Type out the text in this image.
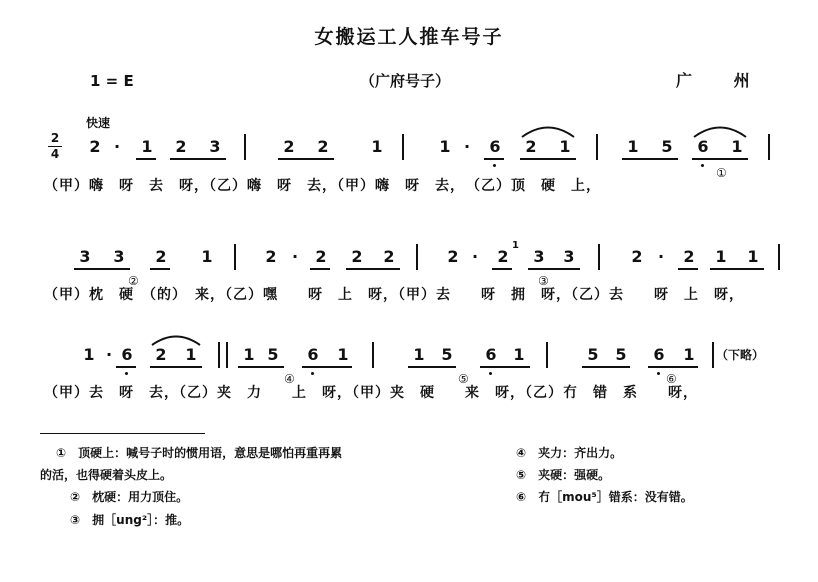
女搬运工人推车号子
1 = E	（广府号子）	广 州
快速
2
4 2 ·	1 2 3	2 2	1	1 ·	6 2 1	1 5 6 1
（甲）嗨　呀　去　呀，（乙）嗨　呀　去，（甲）嗨　呀　去，　（乙）顶　硬　上，
①
3 3 2 1	2 ·	2 2 2	2 ·	2
1
3 3	2 ·	2 1 1
（甲）枕　硬　（的）　来，（乙）嘿　　呀　上　呀，（甲）去　　呀　拥　呀，（乙）去　　呀　上　呀，
②	③
1 · 6 2 1	1 5 6 1	1 5 6 1	5 5 6 1 （下略）
（甲）去　呀　去，（乙）夹　力　　上　呀，（甲）夹　硬　　来　呀，（乙）冇　错　系　　呀，
④	⑤	⑥
①　顶硬上：喊号子时的惯用语，意思是哪怕再重再累
的活，也得硬着头皮上。
②　枕硬：用力顶住。
③　拥［ung²］：推。
④　夹力：齐出力。
⑤　夹硬：强硬。
⑥　冇［mou⁵］错系：没有错。
